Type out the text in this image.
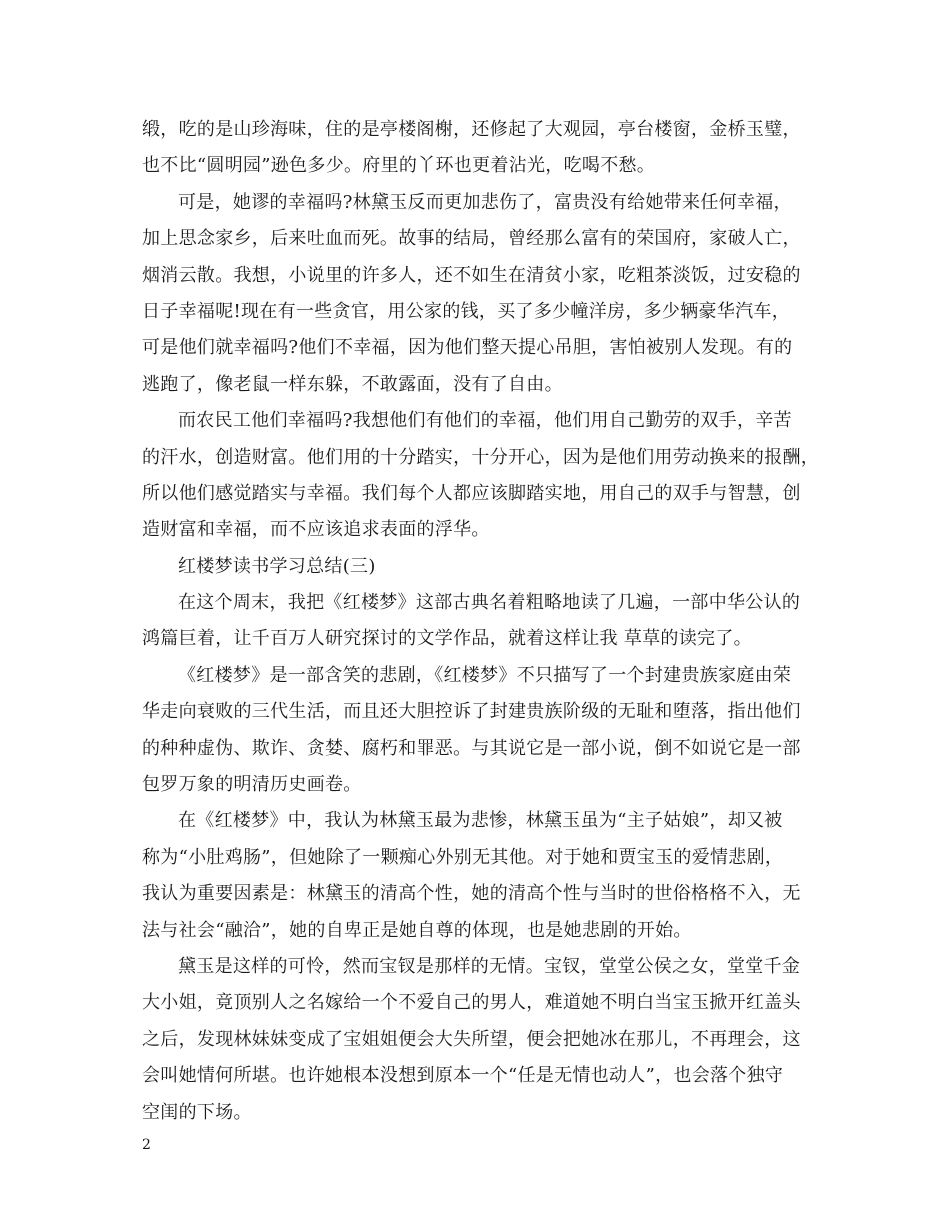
缎，吃的是山珍海味，住的是亭楼阁榭，还修起了大观园，亭台楼窗，金桥玉璧，
也不比“圆明园”逊色多少。府里的丫环也更着沾光，吃喝不愁。
可是，她谬的幸福吗?林黛玉反而更加悲伤了，富贵没有给她带来任何幸福，
加上思念家乡，后来吐血而死。故事的结局，曾经那么富有的荣国府，家破人亡，
烟消云散。我想，小说里的许多人，还不如生在清贫小家，吃粗茶淡饭，过安稳的
日子幸福呢!现在有一些贪官，用公家的钱，买了多少幢洋房，多少辆豪华汽车，
可是他们就幸福吗?他们不幸福，因为他们整天提心吊胆，害怕被别人发现。有的
逃跑了，像老鼠一样东躲，不敢露面，没有了自由。
而农民工他们幸福吗?我想他们有他们的幸福，他们用自己勤劳的双手，辛苦
的汗水，创造财富。他们用的十分踏实，十分开心，因为是他们用劳动换来的报酬，
所以他们感觉踏实与幸福。我们每个人都应该脚踏实地，用自己的双手与智慧，创
造财富和幸福，而不应该追求表面的浮华。
红楼梦读书学习总结(三)
在这个周末，我把《红楼梦》这部古典名着粗略地读了几遍，一部中华公认的
鸿篇巨着，让千百万人研究探讨的文学作品，就着这样让我 草草的读完了。
《红楼梦》是一部含笑的悲剧，《红楼梦》不只描写了一个封建贵族家庭由荣
华走向衰败的三代生活，而且还大胆控诉了封建贵族阶级的无耻和堕落，指出他们
的种种虚伪、欺诈、贪婪、腐朽和罪恶。与其说它是一部小说，倒不如说它是一部
包罗万象的明清历史画卷。
在《红楼梦》中，我认为林黛玉最为悲惨，林黛玉虽为“主子姑娘”，却又被
称为“小肚鸡肠”，但她除了一颗痴心外别无其他。对于她和贾宝玉的爱情悲剧，
我认为重要因素是：林黛玉的清高个性，她的清高个性与当时的世俗格格不入，无
法与社会“融洽”，她的自卑正是她自尊的体现，也是她悲剧的开始。
黛玉是这样的可怜，然而宝钗是那样的无情。宝钗，堂堂公侯之女，堂堂千金
大小姐，竟顶别人之名嫁给一个不爱自己的男人，难道她不明白当宝玉掀开红盖头
之后，发现林妹妹变成了宝姐姐便会大失所望，便会把她冰在那儿，不再理会，这
会叫她情何所堪。也许她根本没想到原本一个“任是无情也动人”，也会落个独守
空闺的下场。
2
